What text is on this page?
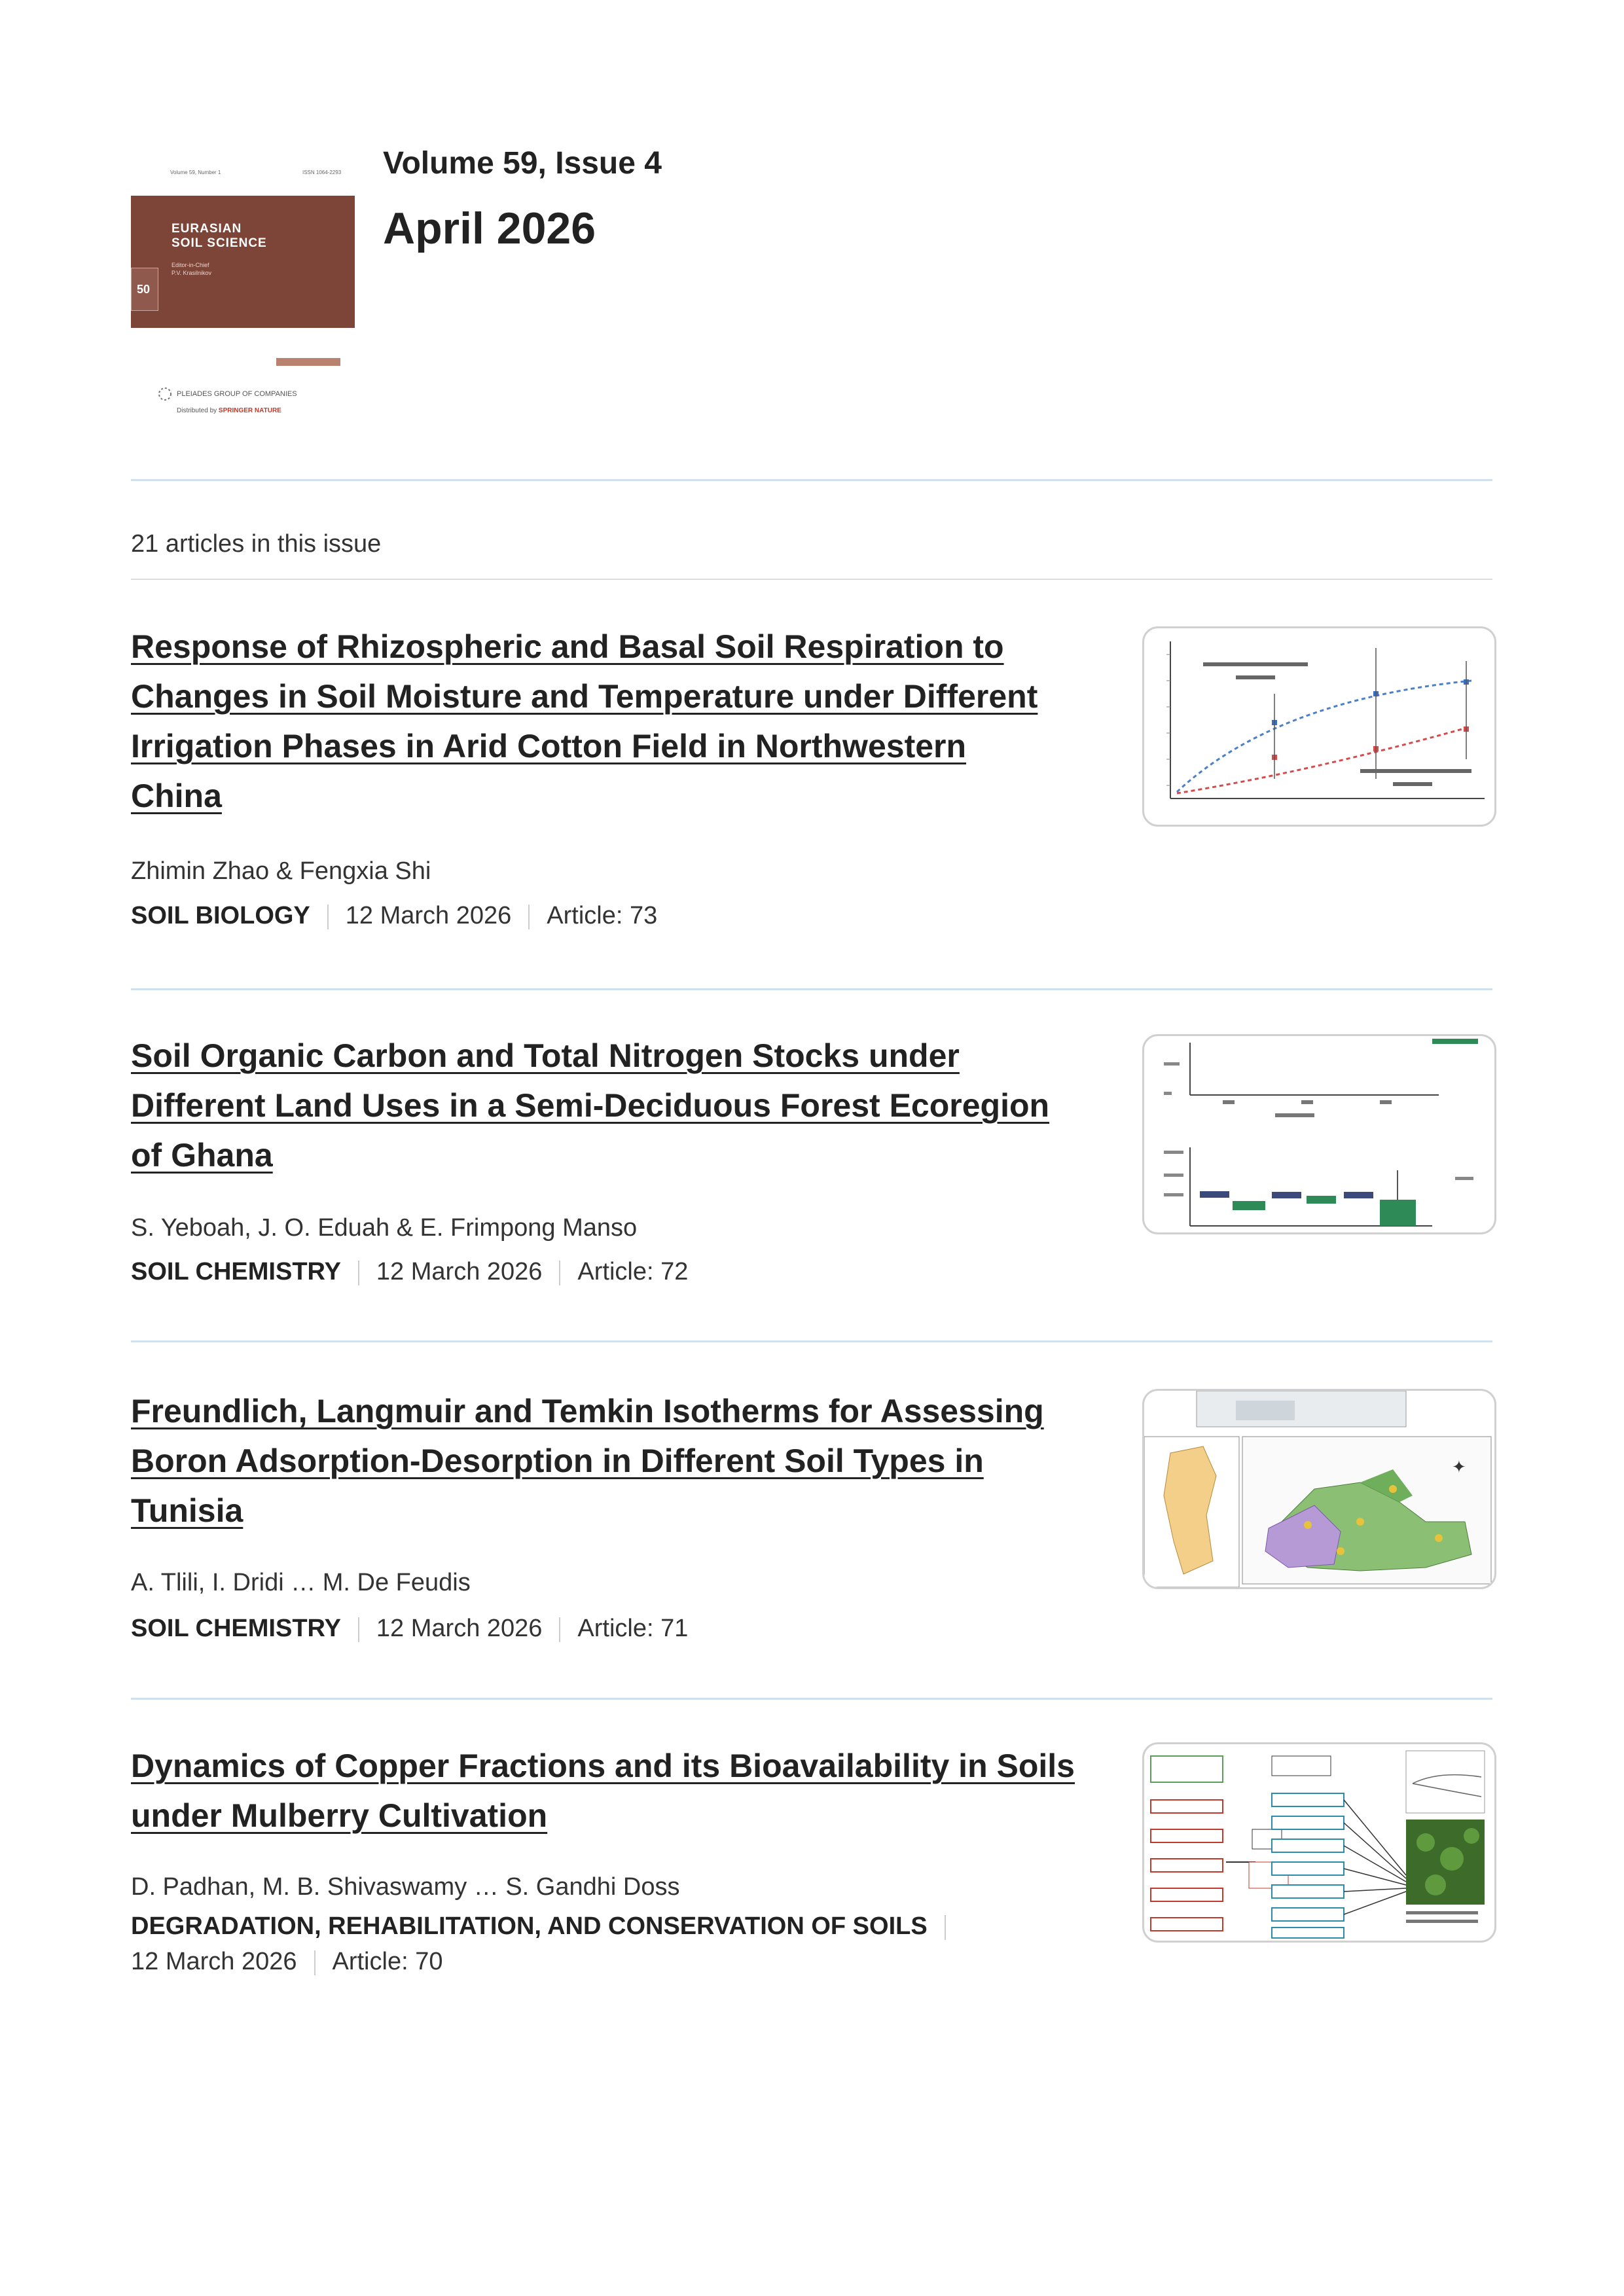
Volume 59, Number 1	ISSN 1064-2293
EURASIAN
SOIL SCIENCE
Editor-in-Chief
P.V. Krasilnikov
50
PLEIADES GROUP OF COMPANIES
Distributed by SPRINGER NATURE
Volume 59, Issue 4
April 2026
21 articles in this issue
Response of Rhizospheric and Basal Soil Respiration to
Changes in Soil Moisture and Temperature under Different
Irrigation Phases in Arid Cotton Field in Northwestern
China
Zhimin Zhao & Fengxia Shi
SOIL BIOLOGY 12 March 2026 Article: 73
Soil Organic Carbon and Total Nitrogen Stocks under
Different Land Uses in a Semi-Deciduous Forest Ecoregion
of Ghana
S. Yeboah, J. O. Eduah & E. Frimpong Manso
SOIL CHEMISTRY 12 March 2026 Article: 72
Freundlich, Langmuir and Temkin Isotherms for Assessing
Boron Adsorption-Desorption in Different Soil Types in
Tunisia
A. Tlili, I. Dridi … M. De Feudis
SOIL CHEMISTRY 12 March 2026 Article: 71
✦
Dynamics of Copper Fractions and its Bioavailability in Soils
under Mulberry Cultivation
D. Padhan, M. B. Shivaswamy … S. Gandhi Doss
DEGRADATION, REHABILITATION, AND CONSERVATION OF SOILS
12 March 2026 Article: 70
